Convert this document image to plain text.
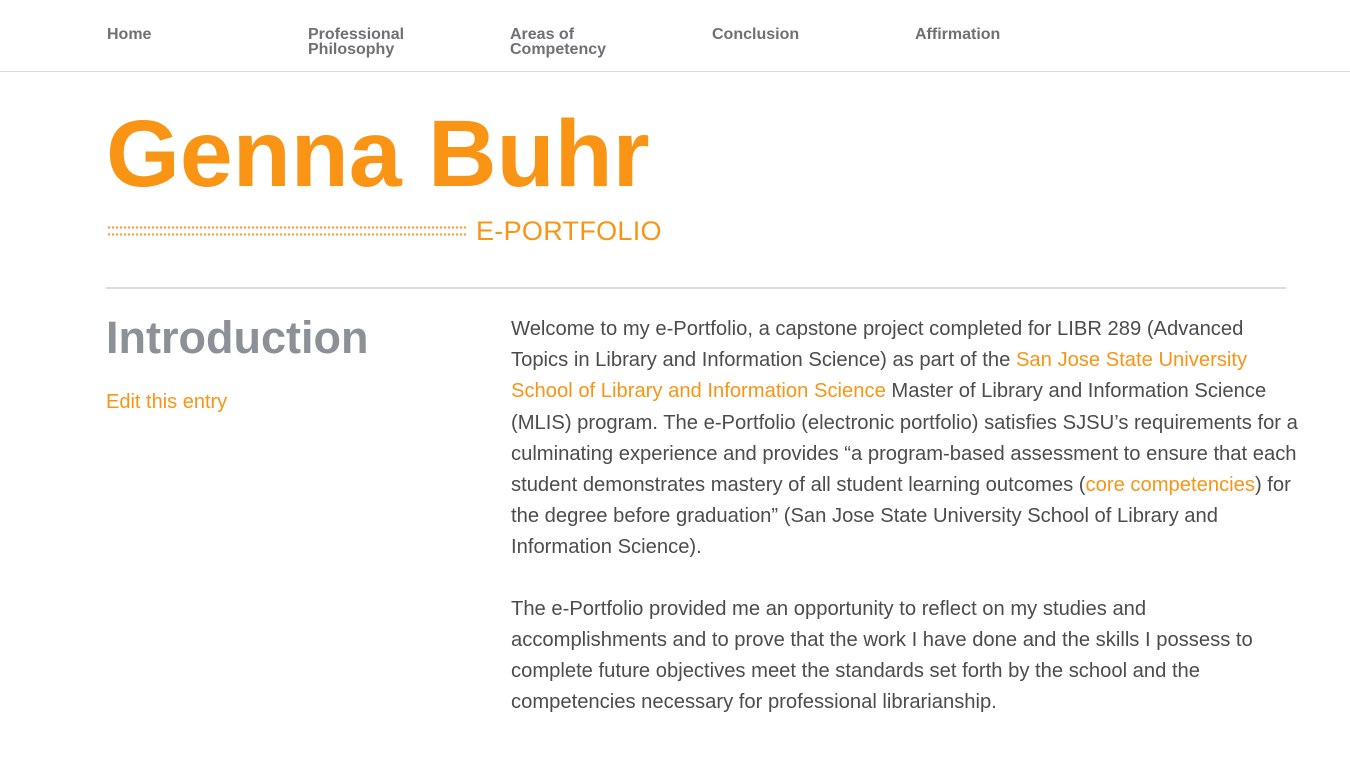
Home	Professional
Philosophy
Areas of
Competency
Conclusion	Affirmation
Genna Buhr
E-PORTFOLIO
Introduction
Edit this entry

Welcome to my e-Portfolio, a capstone project completed for LIBR 289 (Advanced Topics in Library and Information Science) as part of the San Jose State University School of Library and Information Science Master of Library and Information Science (MLIS) program. The e-Portfolio (electronic portfolio) satisfies SJSU’s requirements for a culminating experience and provides “a program-based assessment to ensure that each student demonstrates mastery of all student learning outcomes (core competencies) for the degree before graduation” (San Jose State University School of Library and Information Science).

The e-Portfolio provided me an opportunity to reflect on my studies and accomplishments and to prove that the work I have done and the skills I possess to complete future objectives meet the standards set forth by the school and the competencies necessary for professional librarianship.
